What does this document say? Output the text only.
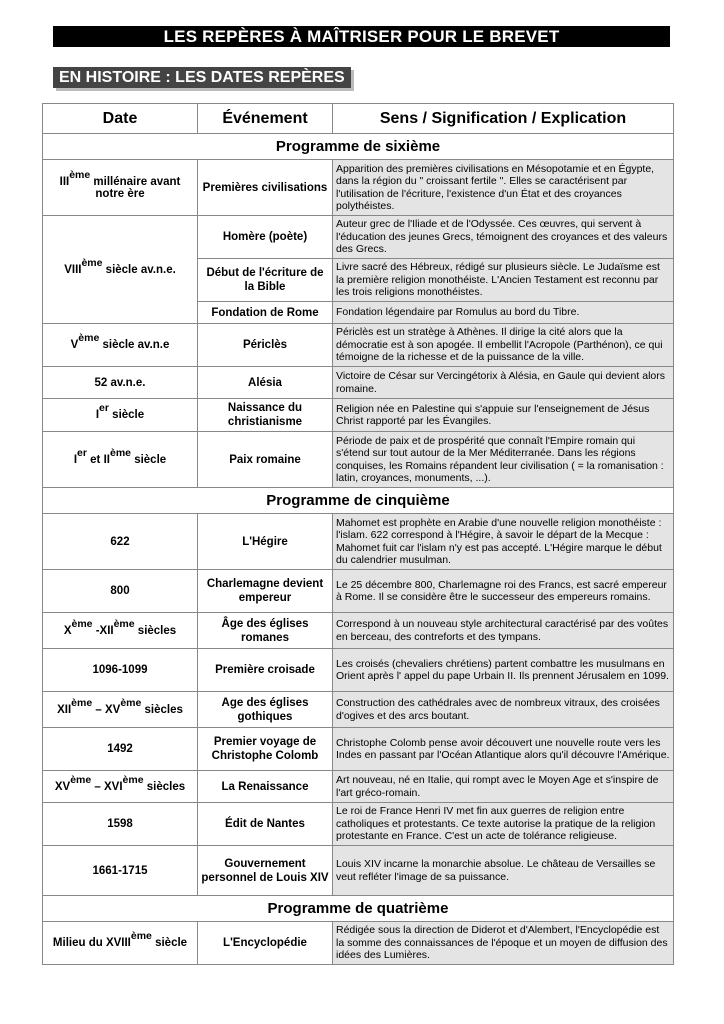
LES REPÈRES À MAÎTRISER POUR LE BREVET
EN HISTOIRE : LES DATES REPÈRES
Date	Événement	Sens / Signification / Explication
Programme de sixième		
IIIème millénaire avant notre ère	Premières civilisations	Apparition des premières civilisations en Mésopotamie et en Égypte, dans la région du " croissant fertile ". Elles se caractérisent par l'utilisation de l'écriture, l'existence d'un État et des croyances polythéistes.
VIIIème siècle av.n.e.	Homère (poète)	Auteur grec de l'Iliade et de l'Odyssée. Ces œuvres, qui servent à l'éducation des jeunes Grecs, témoignent des croyances et des valeurs des Grecs.
	Début de l'écriture de la Bible	Livre sacré des Hébreux, rédigé sur plusieurs siècle. Le Judaïsme est la première religion monothéiste. L'Ancien Testament est reconnu par les trois religions monothéistes.
	Fondation de Rome	Fondation légendaire par Romulus au bord du Tibre.
Vème siècle av.n.e	Périclès	Périclès est un stratège à Athènes. Il dirige la cité alors que la démocratie est à son apogée. Il embellit l'Acropole (Parthénon), ce qui témoigne de la richesse et de la puissance de la ville.
52 av.n.e.	Alésia	Victoire de César sur Vercingétorix à Alésia, en Gaule qui devient alors romaine.
Ier siècle	Naissance du christianisme	Religion née en Palestine qui s'appuie sur l'enseignement de Jésus Christ rapporté par les Évangiles.
Ier et IIème siècle	Paix romaine	Période de paix et de prospérité que connaît l'Empire romain qui s'étend sur tout autour de la Mer Méditerranée. Dans les régions conquises, les Romains répandent leur civilisation ( = la romanisation : latin, croyances, monuments, ...).
Programme de cinquième		
622	L'Hégire	Mahomet est prophète en Arabie d'une nouvelle religion monothéiste : l'islam. 622 correspond à l'Hégire, à savoir le départ de la Mecque : Mahomet fuit car l'islam n'y est pas accepté. L'Hégire marque le début du calendrier musulman.
800	Charlemagne devient empereur	Le 25 décembre 800, Charlemagne roi des Francs, est sacré empereur à Rome. Il se considère être le successeur des empereurs romains.
Xème -XIIème siècles	Âge des églises romanes	Correspond à un nouveau style architectural caractérisé par des voûtes en berceau, des contreforts et des tympans.
1096-1099	Première croisade	Les croisés (chevaliers chrétiens) partent combattre les musulmans en Orient après l' appel du pape Urbain II. Ils prennent Jérusalem en 1099.
XIIème – XVème siècles	Age des églises gothiques	Construction des cathédrales avec de nombreux vitraux, des croisées d'ogives et des arcs boutant.
1492	Premier voyage de Christophe Colomb	Christophe Colomb pense avoir découvert une nouvelle route vers les Indes en passant par l'Océan Atlantique alors qu'il découvre l'Amérique.
XVème – XVIème siècles	La Renaissance	Art nouveau, né en Italie, qui rompt avec le Moyen Age et s'inspire de l'art gréco-romain.
1598	Édit de Nantes	Le roi de France Henri IV met fin aux guerres de religion entre catholiques et protestants. Ce texte autorise la pratique de la religion protestante en France. C'est un acte de tolérance religieuse.
1661-1715	Gouvernement personnel de Louis XIV	Louis XIV incarne la monarchie absolue. Le château de Versailles se veut refléter l'image de sa puissance.
Programme de quatrième		
Milieu du XVIIIème siècle	L'Encyclopédie	Rédigée sous la direction de Diderot et d'Alembert, l'Encyclopédie est la somme des connaissances de l'époque et un moyen de diffusion des idées des Lumières.
